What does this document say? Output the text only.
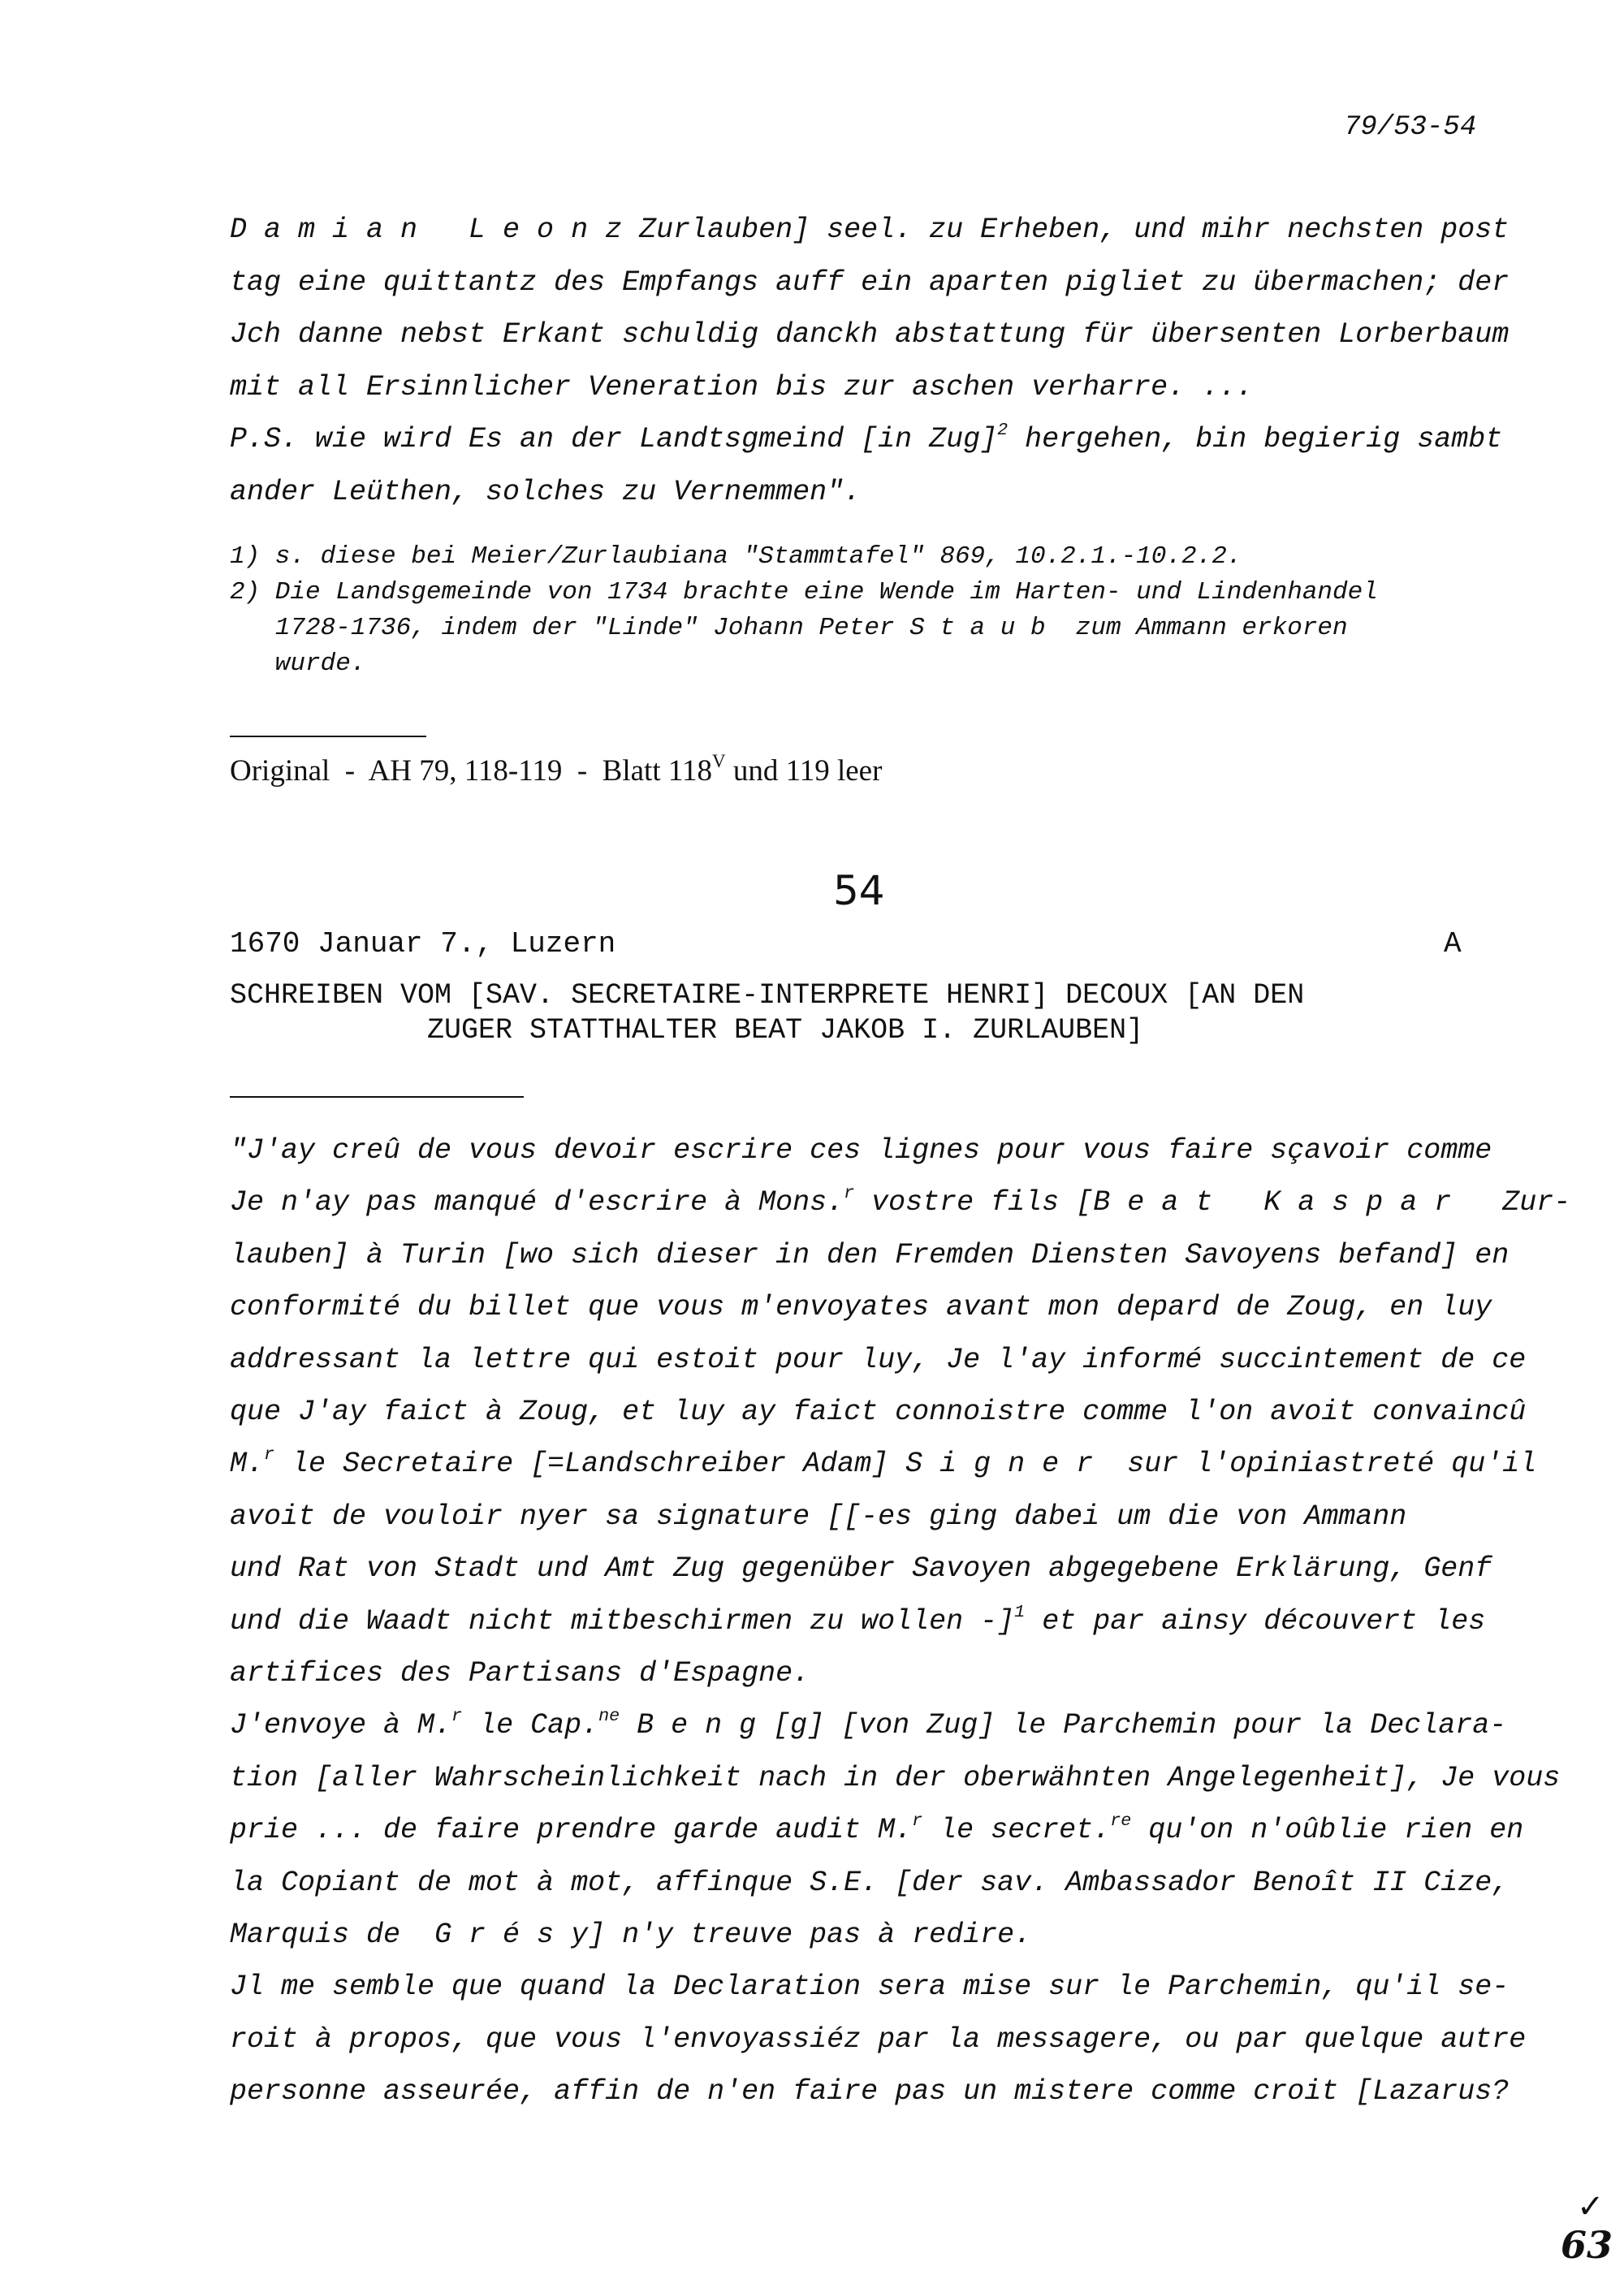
79/53-54
D a m i a n   L e o n z Zurlauben] seel. zu Erheben, und mihr nechsten post
tag eine quittantz des Empfangs auff ein aparten pigliet zu übermachen; der
Jch danne nebst Erkant schuldig danckh abstattung für übersenten Lorberbaum
mit all Ersinnlicher Veneration bis zur aschen verharre. ...
P.S. wie wird Es an der Landtsgmeind [in Zug]$^2$ hergehen, bin begierig sambt
ander Leüthen, solches zu Vernemmen".
1) s. diese bei Meier/Zurlaubiana "Stammtafel" 869, 10.2.1.-10.2.2.
2) Die Landsgemeinde von 1734 brachte eine Wende im Harten- und Lindenhandel
1728-1736, indem der "Linde" Johann Peter S t a u b  zum Ammann erkoren
wurde.
Original  -  AH 79, 118-119  -  Blatt $118^V$ und 119 leer
54
1670 Januar 7., Luzern	A
SCHREIBEN VOM [SAV. SECRETAIRE-INTERPRETE HENRI] DECOUX [AN DEN
ZUGER STATTHALTER BEAT JAKOB I. ZURLAUBEN]
"J'ay creû de vous devoir escrire ces lignes pour vous faire sçavoir comme
Je n'ay pas manqué d'escrire à Mons.$^r$ vostre fils [B e a t   K a s p a r   Zur-
lauben] à Turin [wo sich dieser in den Fremden Diensten Savoyens befand] en
conformité du billet que vous m'envoyates avant mon depard de Zoug, en luy
addressant la lettre qui estoit pour luy, Je l'ay informé succintement de ce
que J'ay faict à Zoug, et luy ay faict connoistre comme l'on avoit convaincû
M.$^r$ le Secretaire [=Landschreiber Adam] S i g n e r  sur l'opiniastreté qu'il
avoit de vouloir nyer sa signature [[-es ging dabei um die von Ammann
und Rat von Stadt und Amt Zug gegenüber Savoyen abgegebene Erklärung, Genf
und die Waadt nicht mitbeschirmen zu wollen -]$^1$ et par ainsy découvert les
artifices des Partisans d'Espagne.
J'envoye à M.$^r$ le Cap.$^{ne}$ B e n g [g] [von Zug] le Parchemin pour la Declara-
tion [aller Wahrscheinlichkeit nach in der oberwähnten Angelegenheit], Je vous
prie ... de faire prendre garde audit M.$^r$ le secret.$^{re}$ qu'on n'oûblie rien en
la Copiant de mot à mot, affinque S.E. [der sav. Ambassador Benoît II Cize,
Marquis de  G r é s y] n'y treuve pas à redire.
Jl me semble que quand la Declaration sera mise sur le Parchemin, qu'il se-
roit à propos, que vous l'envoyassiéz par la messagere, ou par quelque autre
personne asseurée, affin de n'en faire pas un mistere comme croit [Lazarus?
✓
63
